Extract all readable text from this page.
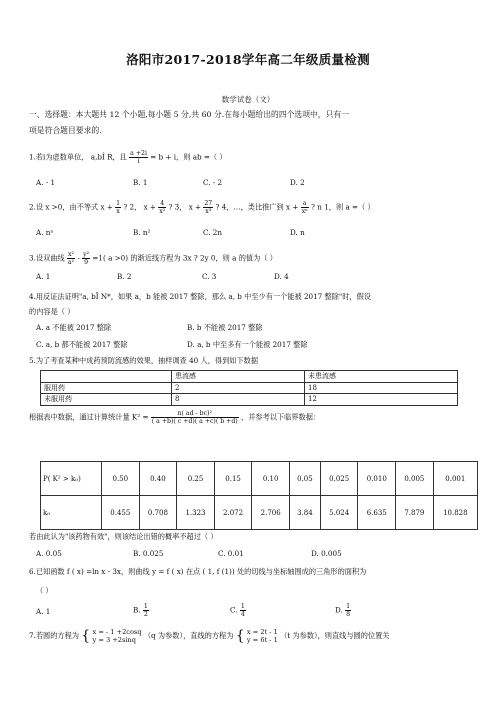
洛阳市2017-2018学年高二年级质量检测
数学试卷（文）
一、选择题：本大题共 12 个小题,每小题 5 分,共 60 分.在每小题给出的四个选项中，只有一
项是符合题目要求的.
1.若i为虚数单位， a,bÎ R，且 $\frac{a +2i}{i} = b + i$，则 ab =（ ）
A. - 1	B. 1	C. - 2	D. 2
2.设 x >0，由不等式 $x + \frac{1}{x}$ ? 2， $x + \frac{4}{\text{x²}}$ ? 3， $x + \frac{27}{\text{x³}}$ ? 4，…，类比推广到 $x + \frac{a}{\text{xⁿ}}$ ? n 1，则 a =（ ）
A. nⁿ	B. n²	C. 2n	D. n
3.设双曲线 $\frac{\text{x²}}{\text{a²}} - \frac{\text{y²}}{9} =1$( a >0) 的渐近线方程为 3x ? 2y 0，则 a 的值为（ ）
A. 1	B. 2	C. 3	D. 4
4.用反证法证明"a, bÎ N*，如果 a，b 能被 2017 整除，那么 a, b 中至少有一个能被 2017 整除"时，假设
的内容是（ ）
A. a 不能被 2017 整除	B. b 不能被 2017 整除
C. a, b 都不能被 2017 整除	D. a, b 中至多有一个能被 2017 整除
5.为了考查某种中成药预防流感的效果，抽样调查 40 人，得到如下数据
	患流感	未患流感
服用药	2	18
未服用药	8	12
根据表中数据，通过计算统计量 $K^2 = \frac{\text{n( ad - bc)²}}{( a +b)( c +d)( a +c)( b +d)}$ ，并参考以下临界数据：
P( K² > k₀)	0.50	0.40	0.25	0.15	0.10	0.05	0.025	0.010	0.005	0.001
k₀	0.455	0.708	1.323	2.072	2.706	3.84	5.024	6.635	7.879	10.828
若由此认为"该药物有效"，则该结论出错的概率不超过（ ）
A. 0.05	B. 0.025	C. 0.01	D. 0.005
6.已知函数 f ( x) =ln x - 3x，则曲线 y = f ( x) 在点 ( 1, f (1)) 处的切线与坐标轴围成的三角形的面积为
（ ）
A. 1	B. $\frac{1}{2}$	C. $\frac{1}{4}$	D. $\frac{1}{8}$
7.若圆的方程为 { x = - 1 +2cosq
y = 3 +2sinq	（q 为参数），直线的方程为 { x = 2t - 1
y = 6t - 1 （t 为参数），则直线与圆的位置关
